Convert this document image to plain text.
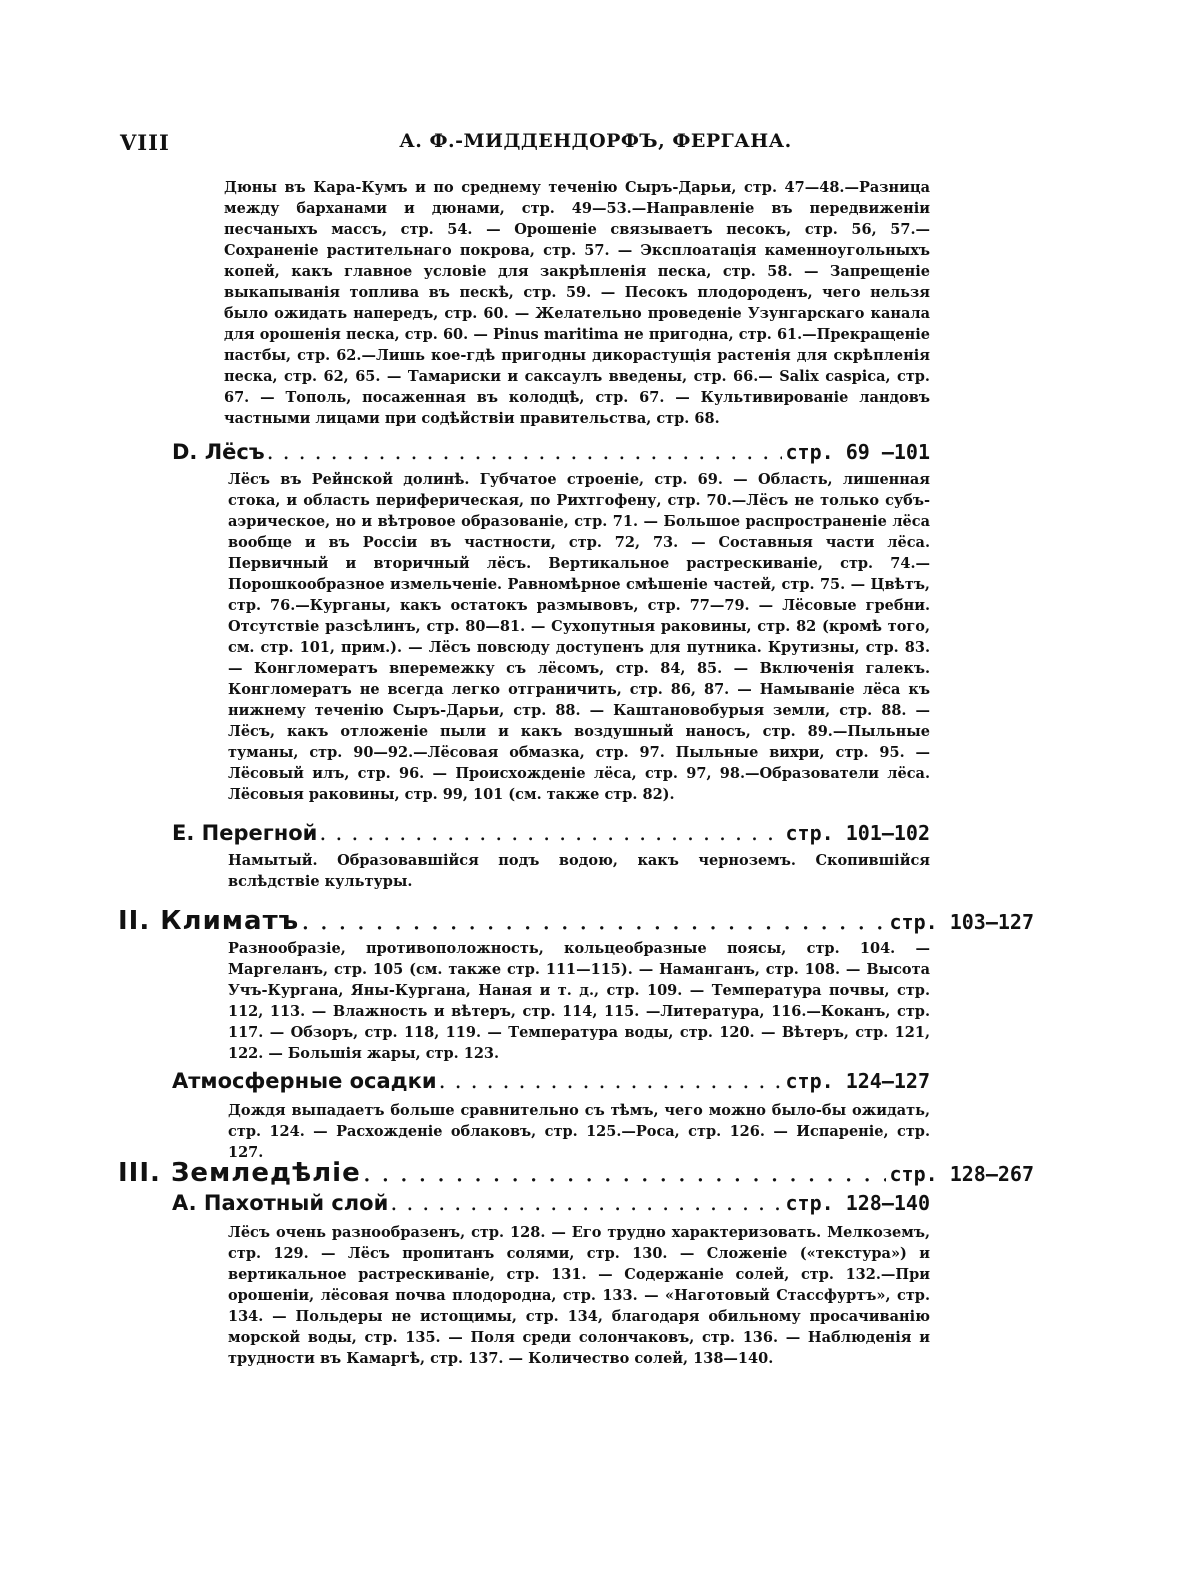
VIII	А. Ф.-МИДДЕНДОРФЪ, ФЕРГАНА.
Дюны въ Кара-Кумъ и по среднему теченію Сыръ-Дарьи, стр. 47—48.—Разница между барханами и дюнами, стр. 49—53.—Направленіе въ передвиженіи песчаныхъ массъ, стр. 54. — Орошеніе связываетъ песокъ, стр. 56, 57.—Сохраненіе растительнаго покрова, стр. 57. — Эксплоатація каменноугольныхъ копей, какъ главное условіе для закрѣпленія песка, стр. 58. — Запрещеніе выкапыванія топлива въ пескѣ, стр. 59. — Песокъ плодороденъ, чего нельзя было ожидать напередъ, стр. 60. — Желательно проведеніе Узунгарскаго канала для орошенія песка, стр. 60. — Pinus maritima не пригодна, стр. 61.—Прекращеніе пастбы, стр. 62.—Лишь кое-гдѣ пригодны дикорастущія растенія для скрѣпленія песка, стр. 62, 65. — Тамариски и саксаулъ введены, стр. 66.— Salix caspica, стр. 67. — Тополь, посаженная въ колодцѣ, стр. 67. — Культивированіе ландовъ частными лицами при содѣйствіи правительства, стр. 68.
D. Лёсъ . . .	стр. 69 —101
Лёсъ въ Рейнской долинѣ. Губчатое строеніе, стр. 69. — Область, лишенная стока, и область периферическая, по Рихтгофену, стр. 70.—Лёсъ не только субъ-аэрическое, но и вѣтровое образованіе, стр. 71. — Большое распространеніе лёса вообще и въ Россіи въ частности, стр. 72, 73. — Составныя части лёса. Первичный и вторичный лёсъ. Вертикальное растрескиваніе, стр. 74.—Порошкообразное измельченіе. Равномѣрное смѣшеніе частей, стр. 75. — Цвѣтъ, стр. 76.—Курганы, какъ остатокъ размывовъ, стр. 77—79. — Лёсовые гребни. Отсутствіе разсѣлинъ, стр. 80—81. — Сухопутныя раковины, стр. 82 (кромѣ того, см. стр. 101, прим.). — Лёсъ повсюду доступенъ для путника. Крутизны, стр. 83. — Конгломератъ вперемежку съ лёсомъ, стр. 84, 85. — Включенія галекъ. Конгломератъ не всегда легко отграничить, стр. 86, 87. — Намываніе лёса къ нижнему теченію Сыръ-Дарьи, стр. 88. — Каштановобурыя земли, стр. 88. — Лёсъ, какъ отложеніе пыли и какъ воздушный наносъ, стр. 89.—Пыльные туманы, стр. 90—92.—Лёсовая обмазка, стр. 97. Пыльные вихри, стр. 95. — Лёсовый илъ, стр. 96. — Происхожденіе лёса, стр. 97, 98.—Образователи лёса. Лёсовыя раковины, стр. 99, 101 (см. также стр. 82).
E. Перегной . . .	стр. 101—102
Намытый. Образовавшійся подъ водою, какъ черноземъ. Скопившійся вслѣдствіе культуры.
II. Климатъ . . .	стр. 103—127
Разнообразіе, противоположность, кольцеобразные поясы, стр. 104. — Маргеланъ, стр. 105 (см. также стр. 111—115). — Наманганъ, стр. 108. — Высота Учъ-Кургана, Яны-Кургана, Наная и т. д., стр. 109. — Температура почвы, стр. 112, 113. — Влажность и вѣтеръ, стр. 114, 115. —Литература, 116.—Коканъ, стр. 117. — Обзоръ, стр. 118, 119. — Температура воды, стр. 120. — Вѣтеръ, стр. 121, 122. — Большія жары, стр. 123.
Атмосферные осадки . . .	стр. 124—127
Дождя выпадаетъ больше сравнительно съ тѣмъ, чего можно было-бы ожидать, стр. 124. — Расхожденіе облаковъ, стр. 125.—Роса, стр. 126. — Испареніе, стр. 127.
III. Земледѣліе . . .	стр. 128—267
A. Пахотный слой . . .	стр. 128—140
Лёсъ очень разнообразенъ, стр. 128. — Его трудно характеризовать. Мелкоземъ, стр. 129. — Лёсъ пропитанъ солями, стр. 130. — Сложеніе («текстура») и вертикальное растрескиваніе, стр. 131. — Содержаніе солей, стр. 132.—При орошеніи, лёсовая почва плодородна, стр. 133. — «Наготовый Стассфуртъ», стр. 134. — Польдеры не истощимы, стр. 134, благодаря обильному просачиванію морской воды, стр. 135. — Поля среди солончаковъ, стр. 136. — Наблюденія и трудности въ Камаргѣ, стр. 137. — Количество солей, 138—140.
